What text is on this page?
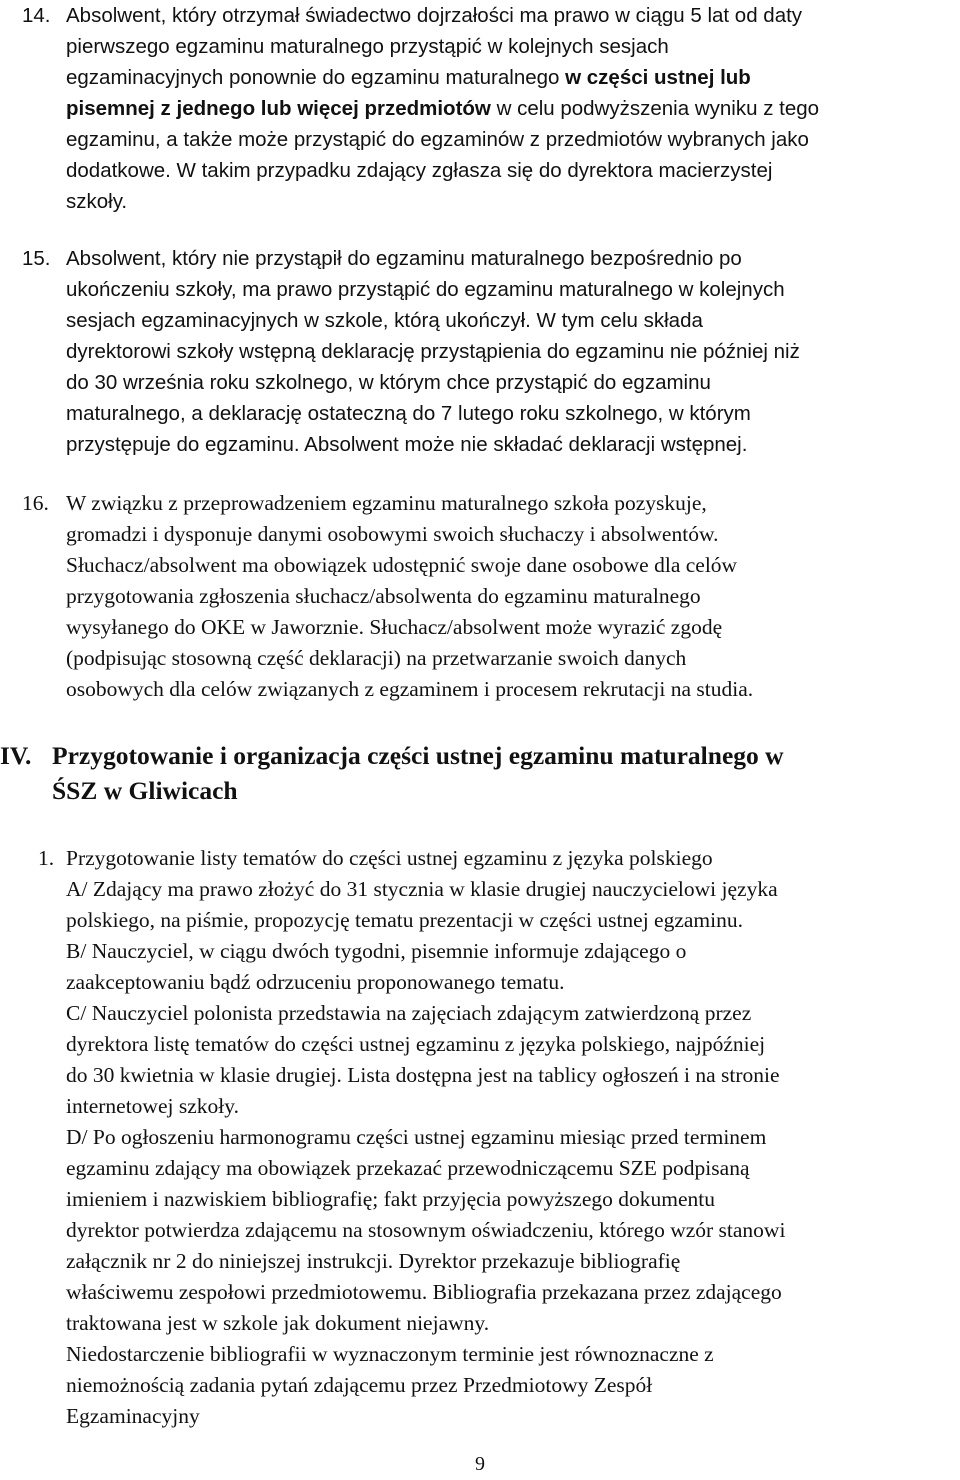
14. Absolwent, który otrzymał świadectwo dojrzałości ma prawo w ciągu 5 lat od daty
pierwszego egzaminu maturalnego przystąpić w kolejnych sesjach
egzaminacyjnych ponownie do egzaminu maturalnego w części ustnej lub
pisemnej z jednego lub więcej przedmiotów w celu podwyższenia wyniku z tego
egzaminu, a także może przystąpić do egzaminów z przedmiotów wybranych jako
dodatkowe. W takim przypadku zdający zgłasza się do dyrektora macierzystej
szkoły.
15. Absolwent, który nie przystąpił do egzaminu maturalnego bezpośrednio po
ukończeniu szkoły, ma prawo przystąpić do egzaminu maturalnego w kolejnych
sesjach egzaminacyjnych w szkole, którą ukończył. W tym celu składa
dyrektorowi szkoły wstępną deklarację przystąpienia do egzaminu nie później niż
do 30 września roku szkolnego, w którym chce przystąpić do egzaminu
maturalnego, a deklarację ostateczną do 7 lutego roku szkolnego, w którym
przystępuje do egzaminu. Absolwent może nie składać deklaracji wstępnej.
16. W związku z przeprowadzeniem egzaminu maturalnego szkoła pozyskuje,
gromadzi i dysponuje danymi osobowymi swoich słuchaczy i absolwentów.
Słuchacz/absolwent ma obowiązek udostępnić swoje dane osobowe dla celów
przygotowania zgłoszenia słuchacz/absolwenta do egzaminu maturalnego
wysyłanego do OKE w Jaworznie. Słuchacz/absolwent może wyrazić zgodę
(podpisując stosowną część deklaracji) na przetwarzanie swoich danych
osobowych dla celów związanych z egzaminem i procesem rekrutacji na studia.
IV. Przygotowanie i organizacja części ustnej egzaminu maturalnego w
ŚSZ w Gliwicach
1. Przygotowanie listy tematów do części ustnej egzaminu z języka polskiego
A/ Zdający ma prawo złożyć do 31 stycznia w klasie drugiej nauczycielowi języka
polskiego, na piśmie, propozycję tematu prezentacji w części ustnej egzaminu.
B/ Nauczyciel, w ciągu dwóch tygodni, pisemnie informuje zdającego o
zaakceptowaniu bądź odrzuceniu proponowanego tematu.
C/ Nauczyciel polonista przedstawia na zajęciach zdającym zatwierdzoną przez
dyrektora listę tematów do części ustnej egzaminu z języka polskiego, najpóźniej
do 30 kwietnia w klasie drugiej. Lista dostępna jest na tablicy ogłoszeń i na stronie
internetowej szkoły.
D/ Po ogłoszeniu harmonogramu części ustnej egzaminu miesiąc przed terminem
egzaminu zdający ma obowiązek przekazać przewodniczącemu SZE podpisaną
imieniem i nazwiskiem bibliografię; fakt przyjęcia powyższego dokumentu
dyrektor potwierdza zdającemu na stosownym oświadczeniu, którego wzór stanowi
załącznik nr 2 do niniejszej instrukcji. Dyrektor przekazuje bibliografię
właściwemu zespołowi przedmiotowemu. Bibliografia przekazana przez zdającego
traktowana jest w szkole jak dokument niejawny.
Niedostarczenie bibliografii w wyznaczonym terminie jest równoznaczne z
niemożnością zadania pytań zdającemu przez Przedmiotowy Zespół
Egzaminacyjny
9
